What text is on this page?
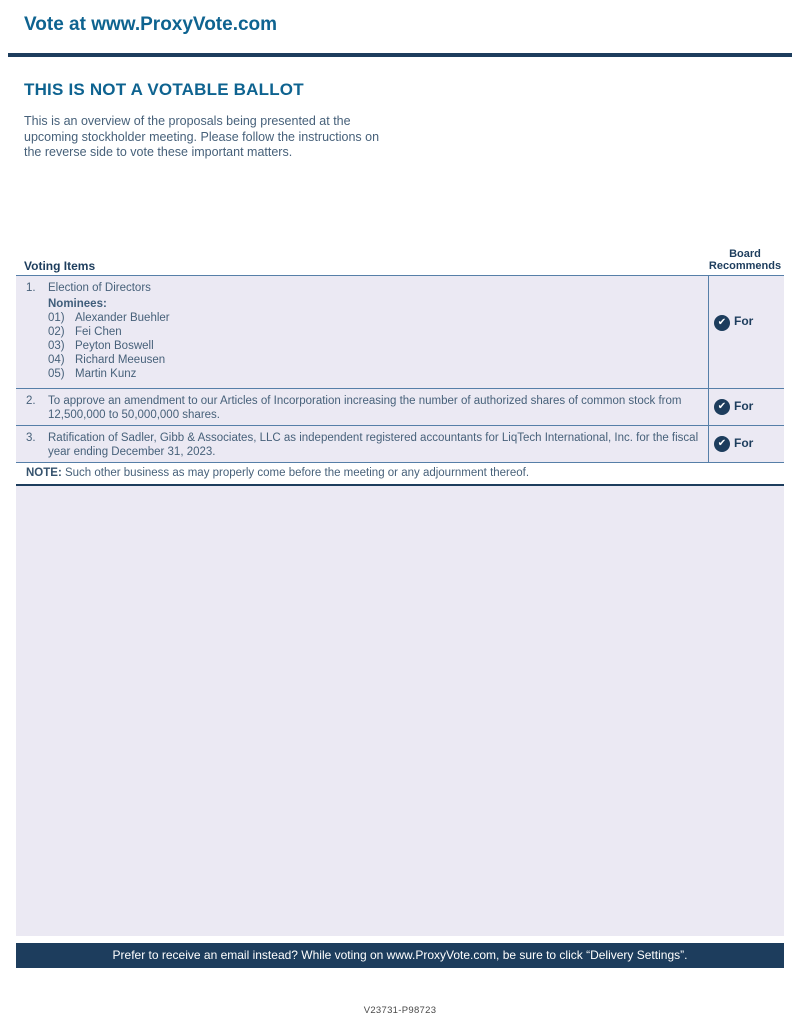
Vote at www.ProxyVote.com
THIS IS NOT A VOTABLE BALLOT
This is an overview of the proposals being presented at the upcoming stockholder meeting. Please follow the instructions on the reverse side to vote these important matters.
Voting Items
Board Recommends
1.	Election of Directors
Nominees:
01) Alexander Buehler
02) Fei Chen
03) Peyton Boswell
04) Richard Meeusen
05) Martin Kunz
✔ For
2.	To approve an amendment to our Articles of Incorporation increasing the number of authorized shares of common stock from 12,500,000 to 50,000,000 shares.
✔ For
3.	Ratification of Sadler, Gibb & Associates, LLC as independent registered accountants for LiqTech International, Inc. for the fiscal year ending December 31, 2023.
✔ For
NOTE: Such other business as may properly come before the meeting or any adjournment thereof.
Prefer to receive an email instead? While voting on www.ProxyVote.com, be sure to click “Delivery Settings”.
V23731-P98723
